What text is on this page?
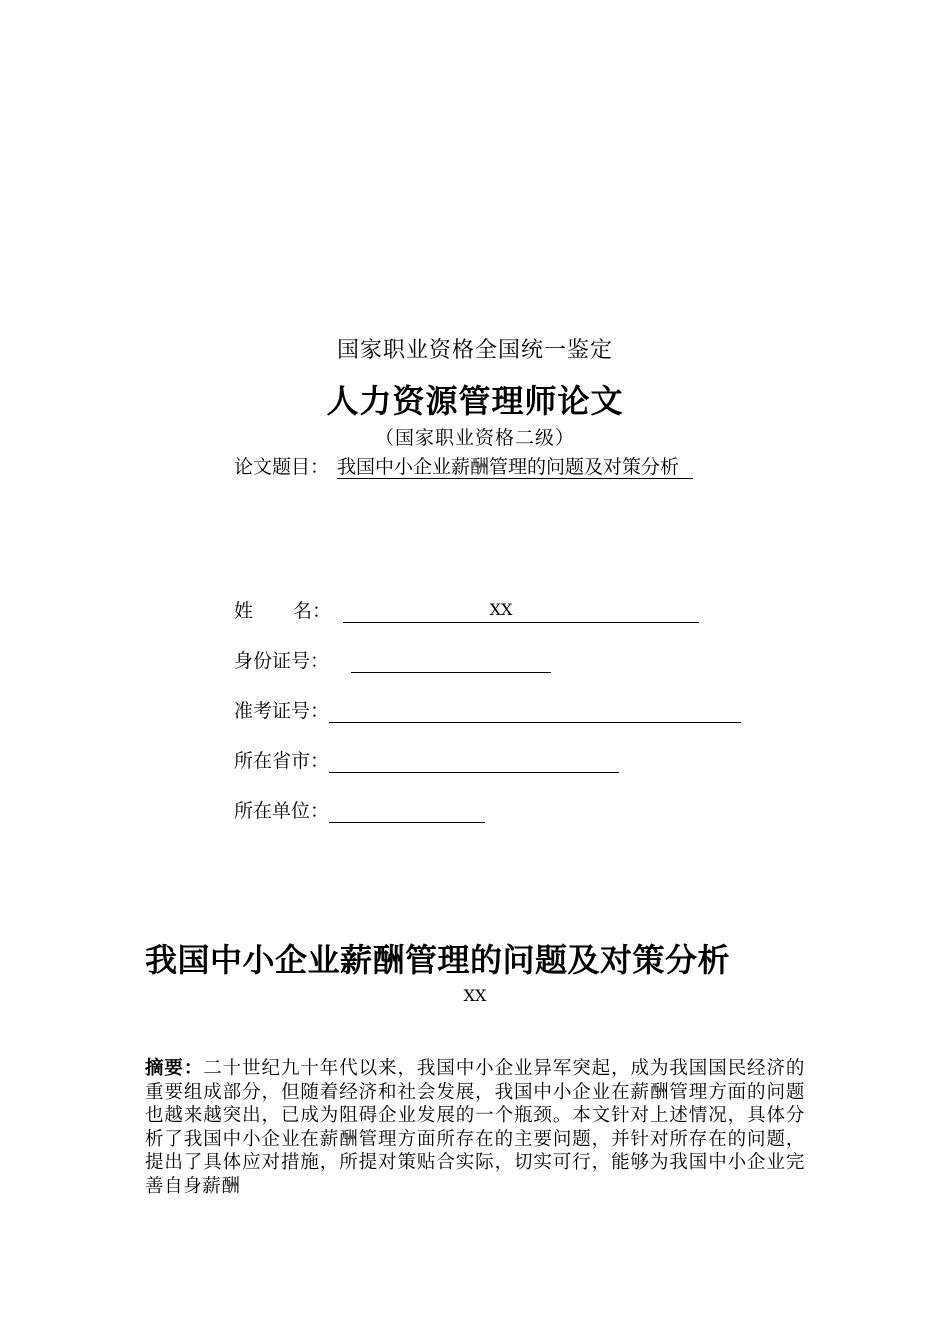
国家职业资格全国统一鉴定
人力资源管理师论文
（国家职业资格二级）
论文题目： 我国中小企业薪酬管理的问题及对策分析
姓 名：	XX
身份证号：
准考证号：
所在省市：
所在单位：
我国中小企业薪酬管理的问题及对策分析
XX
摘要：二十世纪九十年代以来，我国中小企业异军突起，成为我国国民经济的重要组成部分，但随着经济和社会发展，我国中小企业在薪酬管理方面的问题也越来越突出，已成为阻碍企业发展的一个瓶颈。本文针对上述情况，具体分析了我国中小企业在薪酬管理方面所存在的主要问题，并针对所存在的问题，提出了具体应对措施，所提对策贴合实际，切实可行，能够为我国中小企业完善自身薪酬
